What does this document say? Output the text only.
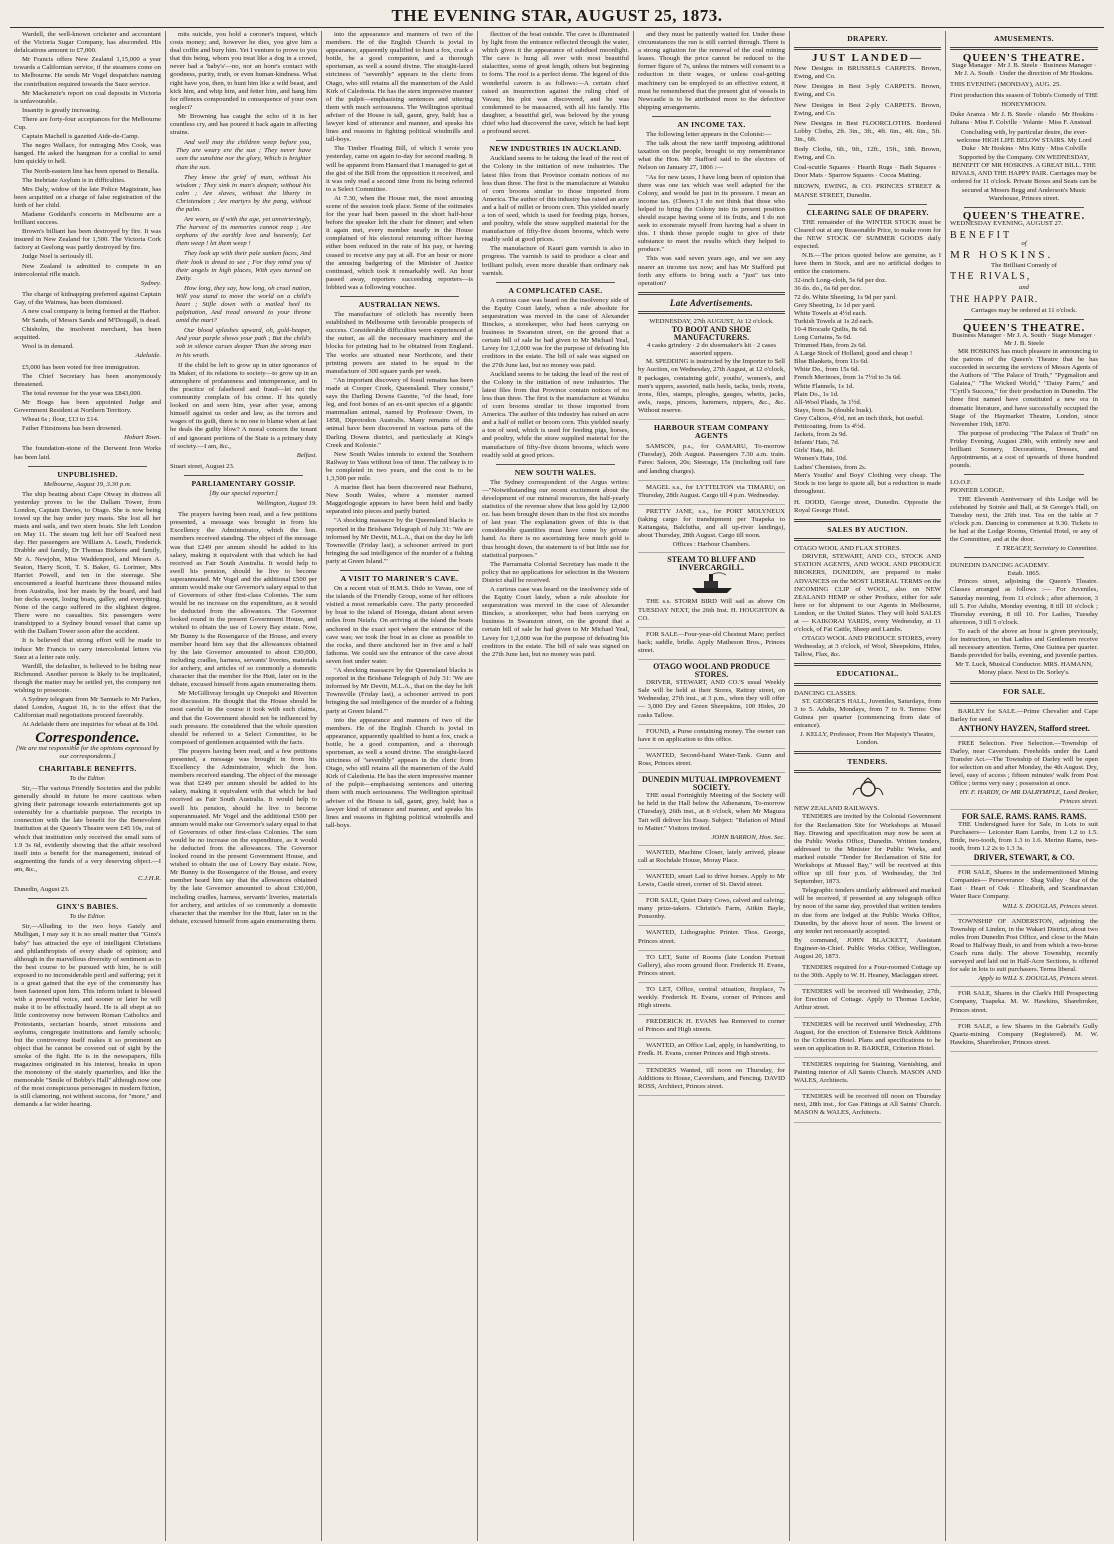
THE EVENING STAR, AUGUST 25, 1873.

Wardell, the well-known cricketer and accountant of the Victoria Sugar Company, has absconded. His defalcations amount to £7,000.

Mr Francis offers New Zealand 1,15,000 a year towards a Californian service, if the steamers come on to Melbourne. He sends Mr Vogel despatches naming the contribution required towards the Suez service.

Mr Mackenzie's report on coal deposits in Victoria is unfavourable.

Insanity is greatly increasing.

There are forty-four acceptances for the Melbourne Cup.

Captain Machell is gazetted Aide-de-Camp.

The negro Wallace, for outraging Mrs Cook, was hanged. He asked the hangman for a cordial to send him quickly to hell.

The North-eastern line has been opened to Benalla.

The Inebriate Asylum is in difficulties.

Mrs Daly, widow of the late Police Magistrate, has been acquitted on a charge of false registration of the birth of her child.

Madame Goddard's concerts in Melbourne are a brilliant success.

Brown's billiant has been destroyed by fire. It was insured in New Zealand for 1,500. The Victoria Cork factory at Geelong was partly destroyed by fire.

Judge Noel is seriously ill.

New Zealand is admitted to compete in an intercolonial rifle match.

Sydney.

The charge of kidnapping preferred against Captain Gay, of the Waimea, has been dismissed.

A new coal company is being formed at the Harbor.

Mr Sands, of Messrs Sands and M'Dougall, is dead.

Chisholm, the insolvent merchant, has been acquitted.

Wool is in demand.

Adelaide.

£5,000 has been voted for free immigration.

The Chief Secretary has been anonymously threatened.

The total revenue for the year was £843,000.

Mr Boags has been appointed Judge and Government Resident at Northern Territory.

Wheat 6s ; flour, £13 to £14.

Father Fitzsimons has been drowned.

Hobart Town.

The foundation-stone of the Derwent Iron Works has been laid.

UNPUBLISHED.
Melbourne, August 19, 3.30 p.m.

The ship beating about Cape Otway in distress all yesterday proves to be the Dallam Tower, from London, Captain Davies, to Otago. She is now being towed up the bay under jury masts. She lost all her masts and sails, and two stern boats. She left London on May 11. The steam tug left her off Seaford next day. Her passengers are William A. Leach, Frederick Drabble and family, Dr Thomas Bickens and family, Mr A. Newjohn, Miss Waddenpool, and Messrs A. Seaton, Harry Scott, T. S. Baker, G. Lorimer, Mrs Harriet Powell, and ten in the steerage. She encountered a fearful hurricane three thousand miles from Australia, lost her masts by the board, and had her decks swept, losing boats, galley, and everything. None of the cargo suffered in the slightest degree. There were no casualties. Six passengers were transhipped to a Sydney bound vessel that came up with the Dallam Tower soon after the accident.

It is believed that strong effort will be made to induce Mr Francis to carry intercolonial letters via Suez at a letter rate only.

Wardill, the defaulter, is believed to be hiding near Richmond. Another person is likely to be implicated, though the matter may be settled yet, the company not wishing to prosecute.

A Sydney telegram from Mr Samuels to Mr Parkes, dated London, August 16, is to the effect that the Californian mail negotiations proceed favorably.

At Adelaide there are inquiries for wheat at 8s 10d.

Correspondence.
[We are not responsible for the opinions expressed by our correspondents.]
CHARITABLE BENEFITS.
To the Editor.

Sir,—The various Friendly Societies and the public generally should in future be more cautious when giving their patronage towards entertainments got up ostensibly for a charitable purpose. The receipts in connection with the late benefit for the Benevolent Institution at the Queen's Theatre were £45 10s, out of which that institution only received the small sum of 1.9 3s 6d, evidently showing that the affair resolved itself into a benefit for the management, instead of augmenting the funds of a very deserving object.—I am, &c.,

C.J.H.R.
Dunedin, August 23.
GINX'S BABIES.
To the Editor.

Sir,—Alluding to the two boys Gately and Mulligan, I may say it is no small matter that "Ginx's baby" has attracted the eye of intelligent Christians and philanthropists of every shade of opinion; and although in the marvellous diversity of sentiment as to the best course to be pursued with him, he is still exposed to no inconsiderable peril and suffering; yet it is a great gained that the eye of the community has been fastened upon him. This inform infant is blessed with a powerful voice, and sooner or later he will make it to be effectually heard. He is all ebept at no little controversy now between Roman Catholics and Protestants, sectarian boards, street missions and asylums, congregate institutions and family schools; but the controversy itself makes it so prominent an object that he cannot be covered out of sight by the smoke of the fight. He is in the newspapers, fills magazines originated in his interest, breaks in upon the monotony of the stately quarterlies, and like the memorable "Smile of Bobby's Hall" although now one of the most conspicuous personages in modern fiction, is still clamoring, not without success, for "more," and demands a far wider hearing.

mits suicide, you hold a coroner's inquest, which costs money; and, however he dies, you give him a deal coffin and bury him. Yet I venture to prove to you that this being, whom you treat like a dog in a crowd, never had a 'baby's'—no, nor an honr's contact with goodness, purity, truth, or even human-kindness. What right have you, then, to hunt him like a wild beast, and kick him, and whip him, and fetter him, and hang him for offences compounded in consequence of your own neglect?

Mr Browning has caught the echo of it in her countless cry, and has poured it back again in affecting strains.

And well may the children weep before you, They are weary ere the sun ; They never have seen the sunshine nor the glory, Which is brighter than the sun.

They know the grief of man, without his wisdom ; They sink in man's despair, without his calm ; Are slaves, without the liberty in Christendom ; Are martyrs by the pang, without the palm.

Are worn, as if with the age, yet unretrievingly, The harvest of its memories cannot reap ; Are orphans of the earthly love and heavenly, Let them weep ! let them weep !

They look up with their pale sunken faces, And their look is dread to see ; For they mind you of their angels in high places, With eyes turned on Deity.

How long, they say, how long, oh cruel nation, Will you stand to move the world on a child's heart ; Stifle down with a mailed heel its palpitation, And tread onward to your throne amid the mart?

Our blood splashes upward, oh, gold-heaper, And your purple shows your path ; But the child's sob in silence curses deeper Than the strong man in his wrath.

If the child be left to grow up in utter ignorance of its Maker, of its relations to society—to grow up in an atmosphere of profaneness and intemperance, and in the practice of falsehood and fraud—let not the community complain of his crime. If his quietly looked on and seen him, year after year, among himself against us order and law, as the terrors and wages of its guilt, there is no one to blame when at last he deals the guilty blow? A moral concern the tenant of and ignorant portions of the State is a primary duty of society.—I am, &c.,

Belfast.
Stuart street, August 23.
PARLIAMENTARY GOSSIP.
[By our special reporter.]
Wellington, August 19.

The prayers having been read, and a few petitions presented, a message was brought in from his Excellency the Administrator, which the hon. members received standing. The object of the message was that £249 per annum should be added to his salary, making it equivalent with that which he had received as Fair South Australia. It would help to swell his pension, should he live to become superannuated. Mr Vogel and the additional £500 per annum would make our Governor's salary equal to that of Governors of other first-class Colonies. The sum would be no increase on the expenditure, as it would be deducted from the allowances. The Governor looked round in the present Government House, and wished to obtain the use of Lowry Bay estate. Now, Mr Bunny is the Rosengarce of the House, and every member heard him say that the allowances obtained by the late Governor amounted to about £30,000, including cradles, harness, servants' liveries, materials for archery, and articles of so commonly a domestic character that the member for the Hutt, later on in the debate, excused himself from again enumerating them.

Mr McGillivray brought up Onepoki and Riverton for discussion. He thought that the House should be most careful in the course it took with such claims, and that the Government should not be influenced by such pressure. He considered that the whole question should be referred to a Select Committee, to be composed of gentlemen acquainted with the facts.

The prayers having been read, and a few petitions presented, a message was brought in from his Excellency the Administrator, which the hon. members received standing. The object of the message was that £249 per annum should be added to his salary, making it equivalent with that which he had received as Fair South Australia. It would help to swell his pension, should he live to become superannuated. Mr Vogel and the additional £500 per annum would make our Governor's salary equal to that of Governors of other first-class Colonies. The sum would be no increase on the expenditure, as it would be deducted from the allowances. The Governor looked round in the present Government House, and wished to obtain the use of Lowry Bay estate. Now, Mr Bunny is the Rosengarce of the House, and every member heard him say that the allowances obtained by the late Governor amounted to about £30,000, including cradles, harness, servants' liveries, materials for archery, and articles of so commonly a domestic character that the member for the Hutt, later on in the debate, excused himself from again enumerating them.

into the appearance and manners of two of the members. He of the English Church is jovial in appearance, apparently qualified to hunt a fox, crack a bottle, be a good companion, and a thorough sportsman, as well a sound divine. The straight-laced strictness of "seventhly" appears in the cleric from Otago, who still retains all the mannerism of the Auld Kirk of Caledonia. He has the stern impressive manner of the pulpit—emphasising sentences and uttering them with much seriousness. The Wellington spiritual adviser of the House is tall, gaunt, grey, bald; has a lawyer kind of utterance and manner, and speaks his lines and reasons in fighting political windmills and tall-boys.

The Timber Floating Bill, of which I wrote you yesterday, came on again to-day for second reading. It will be apparent from Hansard that I managed to get at the gist of the Bill from the opposition it received, and it was only read a second time from its being referred to a Select Committee.

At 7.30, when the House met, the most amusing scene of the session took place. Some of the estimates for the year had been passed in the short half-hour before the speaker left the chair for dinner; and when it again met, every member nearly in the House complained of his electoral returning officer having either been reduced in the rate of his pay, or having ceased to receive any pay at all. For an hour or more the amusing badgering of the Minister of Justice continued, which took it remarkably well. An hour passed away, reporters succeeding reporters—is lobbied was a following vouchee.

AUSTRALIAN NEWS.

The manufacture of oilcloth has recently been established in Melbourne with favorable prospects of success. Considerable difficulties were experienced at the outset, as all the necessary machinery and the blocks for printing had to be obtained from England. The works are situated near Northcote, and their printing powers are stated to be equal to the manufacture of 300 square yards per week.

"An important discovery of fossil remains has been made at Cooper Creek, Queensland. They consist," says the Darling Downs Gazette, "of the head, fore leg, and foot bones of an ex-unit species of a gigantic mammalian animal, named by Professor Owen, in 1858, Diprotodon Australis. Many remains of this animal have been discovered in various parts of the Darling Downs district, and particularly at King's Creek and Kolonie."

New South Wales intends to extend the Southern Railway to Yass without loss of time. The railway is to be completed in two years, and the cost is to be 1,3,500 per mile.

A marine fleet has been discovered near Bathurst, New South Wales, where a monster named Maggotlogogie appears to have been held and badly separated into pieces and partly buried.

"A shocking massacre by the Queensland blacks is reported in the Brisbane Telegraph of July 31: 'We are informed by Mr Devitt, M.L.A., that on the day he left Townsville (Friday last), a schooner arrived in port bringing the sad intelligence of the murder of a fishing party at Green Island.'"

A VISIT TO MARINER'S CAVE.

On a recent visit of H.M.S. Dido to Vavau, one of the islands of the Friendly Group, some of her officers visited a most remarkable cave. The party proceeded by boat to the island of Hoonga, distant about seven miles from Neiafu. On arriving at the island the boats anchored in the exact spot where the entrance of the cave was; we took the boat in as close as possible to the rocks, and there anchored her in five and a half fathoms. We could see the entrance of the cave about seven feet under water.

"A shocking massacre by the Queensland blacks is reported in the Brisbane Telegraph of July 31: 'We are informed by Mr Devitt, M.L.A., that on the day he left Townsville (Friday last), a schooner arrived in port bringing the sad intelligence of the murder of a fishing party at Green Island.'"

into the appearance and manners of two of the members. He of the English Church is jovial in appearance, apparently qualified to hunt a fox, crack a bottle, be a good companion, and a thorough sportsman, as well a sound divine. The straight-laced strictness of "seventhly" appears in the cleric from Otago, who still retains all the mannerism of the Auld Kirk of Caledonia. He has the stern impressive manner of the pulpit—emphasising sentences and uttering them with much seriousness. The Wellington spiritual adviser of the House is tall, gaunt, grey, bald; has a lawyer kind of utterance and manner, and speaks his lines and reasons in fighting political windmills and tall-boys.

flection of the boat outside. The cave is illuminated by light from the entrance reflected through the water, which gives it the appearance of subdued moonlight. The cave is hung all over with most beautiful stalactites, some of great length, others but beginning to form. The roof is a perfect dome. The legend of this wonderful cavern is as follows:—A certain chief raised an insurrection against the ruling chief of Vavau; his plot was discovered, and he was condemned to be massacred, with all his family. His daughter, a beautiful girl, was beloved by the young chief who had discovered the cave, which he had kept a profound secret.

NEW INDUSTRIES IN AUCKLAND.

Auckland seems to be taking the lead of the rest of the Colony in the initiation of new industries. The latest files from that Province contain notices of no less than three. The first is the manufacture at Waiuku of corn brooms similar to those imported from America. The author of this industry has raised an acre and a half of millet or broom corn. This yielded nearly a ton of seed, which is used for feeding pigs, horses, and poultry, while the straw supplied material for the manufacture of fifty-five dozen brooms, which were readily sold at good prices.

The manufacture of Kauri gum varnish is also in progress. The varnish is said to produce a clear and brilliant polish, even more durable than ordinary oak varnish.

A COMPLICATED CASE.

A curious case was heard on the insolvency side of the Equity Court lately, when a rule absolute for sequestration was moved in the case of Alexander Binckes, a storekeeper, who had been carrying on business in Swanston street, on the ground that a certain bill of sale he had given to Mr Michael Yeal, Levey for 1,2,000 was for the purpose of defeating his creditors in the estate. The bill of sale was signed on the 27th June last, but no money was paid.

Auckland seems to be taking the lead of the rest of the Colony in the initiation of new industries. The latest files from that Province contain notices of no less than three. The first is the manufacture at Waiuku of corn brooms similar to those imported from America. The author of this industry has raised an acre and a half of millet or broom corn. This yielded nearly a ton of seed, which is used for feeding pigs, horses, and poultry, while the straw supplied material for the manufacture of fifty-five dozen brooms, which were readily sold at good prices.

NEW SOUTH WALES.

The Sydney correspondent of the Argus writes:—"Notwithstanding our recent excitement about the development of our mineral resources, the half-yearly statistics of the revenue show that less gold by 12,000 oz. has been brought down than in the first six months of last year. The explanation given of this is that considerable quantities must have come by private hand. As there is no ascertaining how much gold is thus brought down, the statement is of but little use for statistical purposes."

The Parramatta Colonial Secretary has made it the policy that no applications for selection in the Western District shall be received.

A curious case was heard on the insolvency side of the Equity Court lately, when a rule absolute for sequestration was moved in the case of Alexander Binckes, a storekeeper, who had been carrying on business in Swanston street, on the ground that a certain bill of sale he had given to Mr Michael Yeal, Levey for 1,2,000 was for the purpose of defeating his creditors in the estate. The bill of sale was signed on the 27th June last, but no money was paid.

and they must be patiently waited for. Under these circumstances the run is still carried through. There is a strong agitation for the removal of the coal mining leases. Though the price cannot be reduced to the former figure of 7s, unless the miners will consent to a reduction in their wages, or unless coal-getting machinery can be employed to an effective extent, it must be remembered that the present glut of vessels in Newcastle is to be attributed more to the defective shipping arrangements.

AN INCOME TAX.

The following letter appears in the Colonist:—

The talk about the new tariff imposing additional taxation on the people, brought to my remembrance what the Hon. Mr Stafford said to the electors of Nelson on January 27, 1866 :—

"As for new taxes, I have long been of opinion that there was one tax which was well adapted for the Colony, and would be just in its pressure. I mean an income tax. (Cheers.) I do not think that those who helped to bring the Colony into its present position should escape having some of its fruits, and I do not seek to exonerate myself from having had a share in this. I think those people ought to give of their substance to meet the results which they helped to produce."

This was said seven years ago, and we see any nearer an income tax now; and has Mr Stafford put forth any efforts to bring such a "just" tax into operation?

Late Advertisements.
WEDNESDAY, 27th AUGUST, At 12 o'clock.
TO BOOT AND SHOE MANUFACTURERS.
4 casks grindery · 2 do shoemaker's kit · 2 cases assorted uppers.

M. SPEDDING is instructed by the Importer to Sell by Auction, on Wednesday, 27th August, at 12 o'clock, 8 packages, containing girls', youths', women's, and men's uppers, assorted, nails heels, tacks, tools, rivets, irons, files, stamps, ploughs, gauges, whetts, jacks, awls, rasps, pincers, hammers, nippers, &c., &c. Without reserve.

HARBOUR STEAM COMPANY AGENTS

SAMSON, p.s., for OAMARU, To-morrow (Tuesday), 26th August. Passengers 7.30 a.m. train. Fares: Saloon, 20s; Steerage, 15s (including rail fare and landing charges).

MAGEL s.s., for LYTTELTON via TIMARU, on Thursday, 28th August. Cargo till 4 p.m. Wednesday.

PRETTY JANE, s.s., for PORT MOLYNEUX (taking cargo for transhipment per Tuapeka to Kaitangata, Balclutha, and all up-river landings), about Thursday, 28th August. Cargo till noon.

Offices : Harbour Chambers.
STEAM TO BLUFF AND INVERCARGILL.

THE s.s. STORM BIRD Will sail as above On TUESDAY NEXT, the 26th Inst. H. HOUGHTON & CO.

FOR SALE—Four-year-old Chestnut Mare; perfect hack; saddle, bridle. Apply Matheson Bros., Princes street.

OTAGO WOOL AND PRODUCE STORES.

DRIVER, STEWART, AND CO.'S usual Weekly Sale will be held at their Stores, Rattray street, on Wednesday, 27th inst., at 3 p.m., when they will offer — 3,000 Dry and Green Sheepskins, 100 Hides, 20 casks Tallow.

FOUND, a Purse containing money. The owner can have it on application to this office.

WANTED, Second-hand Water-Tank. Gunn and Ross, Princes street.

DUNEDIN MUTUAL IMPROVEMENT SOCIETY.

THE usual Fortnightly Meeting of the Society will be held in the Hall below the Athenæum, To-morrow (Tuesday), 26th inst., at 8 o'clock, when Mr Maguza Tait will deliver his Essay. Subject: "Relation of Mind to Matter." Visitors invited.

JOHN BARRON, Hon. Sec.

WANTED, Machine Closer, lately arrived, please call at Rochdale House, Moray Place.

WANTED, smart Lad to drive horses. Apply to Mr Lewis, Castle street, corner of St. David street.

FOR SALE, Quiet Dairy Cows, calved and calving; many prize-takers. Christie's Farm, Aitkin Bayle, Ponsonby.

WANTED, Lithographic Printer. Thos. George, Princes street.

TO LET, Suite of Rooms (late London Portrait Gallery), also room ground floor. Frederick H. Evans, Princes street.

TO LET, Office, central situation, fireplace, 7s weekly. Frederick H. Evans, corner of Princes and High streets.

FREDERICK H. EVANS has Removed to corner of Princes and High streets.

WANTED, an Office Lad, apply, in handwriting, to Fredk. H. Evans, corner Princes and High streets.

TENDERS Wanted, till noon on Thursday, for Additions to House, Caversham, and Fencing. DAVID ROSS, Architect, Princes street.

DRAPERY.
JUST LANDED—
New Designs in BRUSSELS CARPETS. Brown, Ewing, and Co.
New Designs in Best 3-ply CARPETS. Brown, Ewing, and Co.
New Designs in Best 2-ply CARPETS. Brown, Ewing, and Co.
New Designs in Best FLOORCLOTHS. Bordered Lobby Cloths, 2ft. 3in., 3ft., 4ft. 6in., 4ft. 6in., 5ft. 3in., 6ft.
Body Cloths, 6ft., 9ft., 12ft., 15ft., 18ft. Brown, Ewing, and Co.
Coal-scuttle Squares · Hearth Rugs · Bath Squares · Door Mats · Sparrow Squares · Cocoa Matting.
BROWN, EWING, & CO. PRINCES STREET & MANSE STREET, Dunedin.
CLEARING SALE OF DRAPERY.

THE remainder of the WINTER STOCK must be Cleared out at any Reasonable Price, to make room for the NEW STOCK OF SUMMER GOODS daily expected.

N.B.—The prices quoted below are genuine, as I have them in Stock, and are no artificial dodges to entice the customers.

32-inch Long-cloth, 5s 6d per doz.
36 do. do., 6s 6d per doz.
72 do. White Sheeting, 1s 9d per yard.
Grey Sheeting, 1s 1d per yard.
White Towels at 4½d each.
Turkish Towels at 1s 2d each.
10-4 Brocade Quilts, 8s 6d.
Long Curtains, 5s 6d.
Trimmed Hats, from 2s 6d.
A Large Stock of Holland, good and cheap !
Blue Blankets, from 11s 6d.
White Do., from 15s 6d.
French Merinoes, from 1s 7½d to 3s 6d.
White Flannels, 1s 1d.
Plain Do., 1s 1d.
All-Wool Plaids, 3s 1½d.
Stays, from 3s (double busk).
Grey Calicos, 4½d, not an inch thick, but useful.
Petticoating, from 1s 4½d.
Jackets, from 2s 9d.
Infants' Hats, 7d.
Girls' Hats, 8d.
Women's Hats, 10d.
Ladies' Chemises, from 2s.
Men's Youths' and Boys' Clothing very cheap. The Stock is too large to quote all, but a reduction is made throughout.
H. DODD, George street, Dunedin. Opposite the Royal George Hotel.
SALES BY AUCTION.
OTAGO WOOL AND FLAX STORES.

DRIVER, STEWART, AND CO., STOCK AND STATION AGENTS, AND WOOL AND PRODUCE BROKERS, DUNEDIN, are prepared to make ADVANCES on the MOST LIBERAL TERMS on the INCOMING CLIP of WOOL, also on NEW ZEALAND HEMP or other Produce, either for sale here or for shipment to our Agents in Melbourne, London, or the United States. They will hold SALES at — KAIKORAI YARDS, every Wednesday, at 11 o'clock, of Fat Cattle, Sheep and Lambs.

OTAGO WOOL AND PRODUCE STORES, every Wednesday, at 3 o'clock, of Wool, Sheepskins, Hides, Tallow, Flax, &c.

EDUCATIONAL.
DANCING CLASSES.

ST. GEORGE'S HALL, Juveniles, Saturdays, from 3 to 5. Adults, Mondays, from 7 to 9. Terms: One Guinea per quarter (commencing from date of entrance).

J. KELLY, Professor, From Her Majesty's Theatre, London.
TENDERS.
NEW ZEALAND RAILWAYS.

TENDERS are invited by the Colonial Government for the Reclamation Site for Workshops at Mussel Bay. Drawing and specification may now be seen at the Public Works Office, Dunedin. Written tenders, addressed to the Minister for Public Works, and marked outside "Tender for Reclamation of Site for Workshops at Mussel Bay," will be received at this office up till four p.m. of Wednesday, the 3rd September, 1873.

Telegraphic tenders similarly addressed and marked will be received, if presented at any telegraph office by noon of the same day, provided that written tenders in due form are lodged at the Public Works Office, Dunedin, by the above hour of noon. The lowest or any tender not necessarily accepted.

By command, JOHN BLACKETT, Assistant Engineer-in-Chief. Public Works Office, Wellington, August 20, 1873.

TENDERS required for a Four-roomed Cottage up to the 30th. Apply to W. H. Heaney, Maclaggan street.

TENDERS will be received till Wednesday, 27th, for Erection of Cottage. Apply to Thomas Lockie, Arthur street.

TENDERS will be received until Wednesday, 27th August, for the erection of Extensive Brick Additions to the Criterion Hotel. Plans and specifications to be seen on application to R. BARKER, Criterion Hotel.

TENDERS requiring for Staining, Varnishing, and Painting interior of All Saints Church. MASON AND WALES, Architects.

TENDERS will be received till noon on Thursday next, 28th inst., for Gas Fittings at All Saints' Church. MASON & WALES, Architects.

AMUSEMENTS.
QUEEN'S THEATRE.
Stage Manager · Mr J. B. Steele · Business Manager · Mr J. A. South · Under the direction of Mr Hoskins.
THIS EVENING (MONDAY), AUG. 25.

First production this season of Tobin's Comedy of THE HONEYMOON.

Duke Aranza · Mr J. B. Steele · olando · Mr Hoskins · Juliana · Miss F. Colville · Volante · Miss F. Anstead

Concluding with, by particular desire, the ever-welcome HIGH LIFE BELOW STAIRS. My Lord Duke · Mr Hoskins · Mrs Kitty · Miss Colville

Supported by the Company. ON WEDNESDAY, BENEFIT OF MR HOSKINS. A GREAT BILL. THE RIVALS, AND THE HAPPY PAIR. Carriages may be ordered for 11 o'clock. Private Boxes and Seats can be secured at Messrs Begg and Anderson's Music Warehouse, Princes street.

QUEEN'S THEATRE.
WEDNESDAY EVENING, AUGUST 27.
BENEFIT
of
MR HOSKINS.
The Brilliant Comedy of
THE RIVALS,
and
THE HAPPY PAIR.
Carriages may be ordered at 11 o'clock.
QUEEN'S THEATRE.
Business Manager · Mr J. A. South · Stage Manager · Mr J. B. Steele

MR HOSKINS has much pleasure in announcing to the patrons of the Queen's Theatre that he has succeeded in securing the services of Messrs Agents of the Authors of "The Palace of Truth," "Pygmalion and Galatea," "The Wicked World," "Daisy Farm," and "Cyril's Success," for their production in Dunedin. The three first named have constituted a new era in dramatic literature, and have successfully occupied the Stage of the Haymarket Theatre, London, since November 19th, 1870.

The purpose of producing "The Palace of Truth" on Friday Evening, August 29th, with entirely new and brilliant Scenery, Decorations, Dresses, and Appointments, at a cost of upwards of three hundred pounds.

I.O.O.F.
PIONEER LODGE.

THE Eleventh Anniversary of this Lodge will be celebrated by Soirée and Ball, at St George's Hall, on Tuesday next, the 26th inst. Tea on the table at 7 o'clock p.m. Dancing to commence at 9.30. Tickets to be had at the Lodge Rooms, Oriental Hotel, or any of the Committee, and at the door.

T. TREACEY, Secretary to Committee.
DUNEDIN DANCING ACADEMY.
Estab. 1865.

Princes street, adjoining the Queen's Theatre. Classes arranged as follows :— For Juveniles, Saturday morning, from 11 o'clock ; after afternoon, 3 till 5. For Adults, Monday evening, 8 till 10 o'clock ; Thursday evening, 8 till 10. For Ladies, Tuesday afternoon, 3 till 5 o'clock.

To each of the above an hour is given previously, for instruction, so that Ladies and Gentlemen receive all necessary attention. Terms, One Guinea per quarter. Bands provided for balls, evening, and juvenile parties.

Mr T. Luck, Musical Conductor. MRS. HAMANN, Moray place. Next to Dr. Sorley's.
FOR SALE.

BARLEY for SALE.—Prime Chevalier and Cape Barley for seed.

ANTHONY HAYZEN, Stafford street.

FREE Selection. Free Selection.—Township of Darley, near Caversham. Freeholds under the Land Transfer Act.—The Township of Darley will be open for selection on and after Monday, the 4th August. Dry, level, easy of access ; fifteen minutes' walk from Post Office ; terms very easy ; possession at once.

HY. F. HARDY, Or MR DALRYMPLE, Land Broker, Princes street.
FOR SALE. RAMS. RAMS. RAMS.

THE Undersigned have for Sale, in Lots to suit Purchasers— Leicester Ram Lambs, from 1.2 to 1.5. Bride, two-tooth, from 1.3 to 1.6. Merino Rams, two-tooth, from 1.2 2s to 1.3 3s.

DRIVER, STEWART, & CO.

FOR SALE, Shares in the undermentioned Mining Companies— Perseverance · Shag Valley · Star of the East · Heart of Oak · Elizabeth, and Scandinavian Water Race Company.

WILL S. DOUGLAS, Princes street.

TOWNSHIP OF ANDERSTON, adjoining the Township of Linden, in the Wakari District, about two miles from Dunedin Post Office, and close to the Main Road to Halfway Bush, to and from which a two-horse Coach runs daily. The above Township, recently surveyed and laid out in Half-Acre Sections, is offered for sale in lots to suit purchasers. Terms liberal.

Apply to WILL S. DOUGLAS, Princes street.

FOR SALE, Shares in the Clark's Hill Prospecting Company, Tuapeka. M. W. Hawkins, Sharebroker, Princes street.

FOR SALE, a few Shares in the Gabriel's Gully Quartz-mining Company (Registered). M. W. Hawkins, Sharebroker, Princes street.
